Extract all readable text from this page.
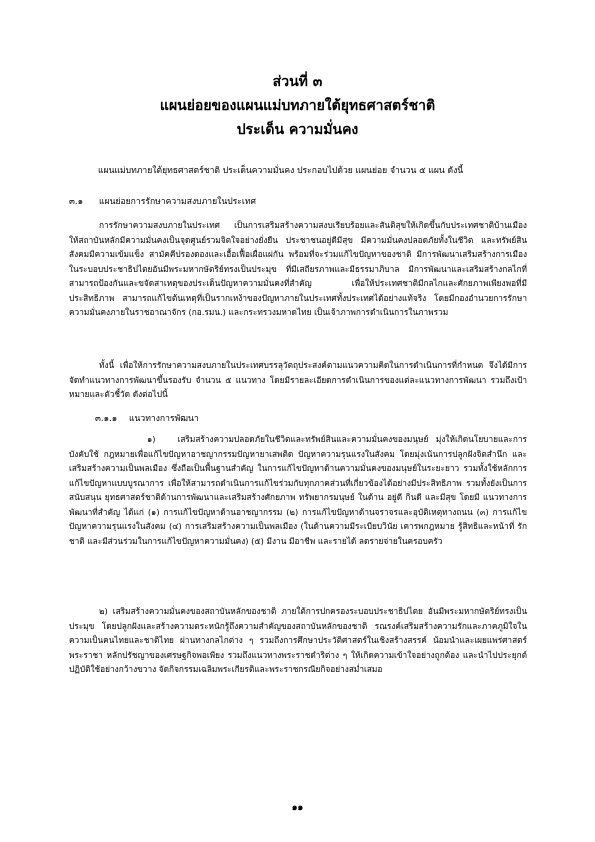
ส่วนที่ ๓
แผนย่อยของแผนแม่บทภายใต้ยุทธศาสตร์ชาติ
ประเด็น ความมั่นคง
แผนแม่บทภายใต้ยุทธศาสตร์ชาติ ประเด็นความมั่นคง ประกอบไปด้วย แผนย่อย จำนวน ๕ แผน ดังนี้
๓.๑ แผนย่อยการรักษาความสงบภายในประเทศ

การรักษาความสงบภายในประเทศ เป็นการเสริมสร้างความสงบเรียบร้อยและสันติสุขให้เกิดขึ้นกับประเทศชาติบ้านเมือง ให้สถาบันหลักมีความมั่นคงเป็นจุดศูนย์รวมจิตใจอย่างยั่งยืน ประชาชนอยู่ดีมีสุข มีความมั่นคงปลอดภัยทั้งในชีวิต และทรัพย์สิน สังคมมีความเข้มแข็ง สามัคคีปรองดองและเอื้อเฟื้อเผื่อแผ่กัน พร้อมที่จะร่วมแก้ไขปัญหาของชาติ มีการพัฒนาเสริมสร้างการเมืองในระบอบประชาธิปไตยอันมีพระมหากษัตริย์ทรงเป็นประมุข ที่มีเสถียรภาพและมีธรรมาภิบาล มีการพัฒนาและเสริมสร้างกลไกที่สามารถป้องกันและขจัดสาเหตุของประเด็นปัญหาความมั่นคงที่สำคัญ เพื่อให้ประเทศชาติมีกลไกและศักยภาพเพียงพอที่มีประสิทธิภาพ สามารถแก้ไขต้นเหตุที่เป็นรากเหง้าของปัญหาภายในประเทศทั้งประเทศได้อย่างแท้จริง โดยมีกองอำนวยการรักษาความมั่นคงภายในราชอาณาจักร (กอ.รมน.) และกระทรวงมหาดไทย เป็นเจ้าภาพการดำเนินการในภาพรวม

ทั้งนี้ เพื่อให้การรักษาความสงบภายในประเทศบรรลุวัตถุประสงค์ตามแนวความคิดในการดำเนินการที่กำหนด จึงได้มีการจัดทำแนวทางการพัฒนาขึ้นรองรับ จำนวน ๕ แนวทาง โดยมีรายละเอียดการดำเนินการของแต่ละแนวทางการพัฒนา รวมถึงเป้าหมายและตัวชี้วัด ดังต่อไปนี้

๓.๑.๑ แนวทางการพัฒนา

๑)	เสริมสร้างความปลอดภัยในชีวิตและทรัพย์สินและความมั่นคงของมนุษย์ มุ่งให้เกิดนโยบายและการบังคับใช้ กฎหมายเพื่อแก้ไขปัญหาอาชญากรรมปัญหายาเสพติด ปัญหาความรุนแรงในสังคม โดยมุ่งเน้นการปลูกฝังจิตสำนึก และเสริมสร้างความเป็นพลเมือง ซึ่งถือเป็นพื้นฐานสำคัญ ในการแก้ไขปัญหาด้านความมั่นคงของมนุษย์ในระยะยาว รวมทั้งใช้หลักการแก้ไขปัญหาแบบบูรณาการ เพื่อให้สามารถดำเนินการแก้ไขร่วมกับทุกภาคส่วนที่เกี่ยวข้องได้อย่างมีประสิทธิภาพ รวมทั้งยังเป็นการสนับสนุน ยุทธศาสตร์ชาติด้านการพัฒนาและเสริมสร้างศักยภาพ ทรัพยากรมนุษย์ ในด้าน อยู่ดี กินดี และมีสุข โดยมี แนวทางการพัฒนาที่สำคัญ ได้แก่ (๑) การแก้ไขปัญหาด้านอาชญากรรม (๒) การแก้ไขปัญหาด้านจราจรและอุบัติเหตุทางถนน (๓) การแก้ไขปัญหาความรุนแรงในสังคม (๔) การเสริมสร้างความเป็นพลเมือง (ในด้านความมีระเบียบวินัย เคารพกฎหมาย รู้สิทธิและหน้าที่ รักชาติ และมีส่วนร่วมในการแก้ไขปัญหาความมั่นคง) (๕) มีงาน มีอาชีพ และรายได้ ลดรายจ่ายในครอบครัว

๒) เสริมสร้างความมั่นคงของสถาบันหลักของชาติ ภายใต้การปกครองระบอบประชาธิปไตย อันมีพระมหากษัตริย์ทรงเป็นประมุข โดยปลูกฝังและสร้างความตระหนักรู้ถึงความสำคัญของสถาบันหลักของชาติ รณรงค์เสริมสร้างความรักและภาคภูมิใจในความเป็นคนไทยและชาติไทย ผ่านทางกลไกต่าง ๆ รวมถึงการศึกษาประวัติศาสตร์ในเชิงสร้างสรรค์ น้อมนำและเผยแพร่ศาสตร์พระราชา หลักปรัชญาของเศรษฐกิจพอเพียง รวมถึงแนวทางพระราชดำริต่าง ๆ ให้เกิดความเข้าใจอย่างถูกต้อง และนำไปประยุกต์ปฏิบัติใช้อย่างกว้างขวาง จัดกิจกรรมเฉลิมพระเกียรติและพระราชกรณียกิจอย่างสม่ำเสมอ

๑๑
